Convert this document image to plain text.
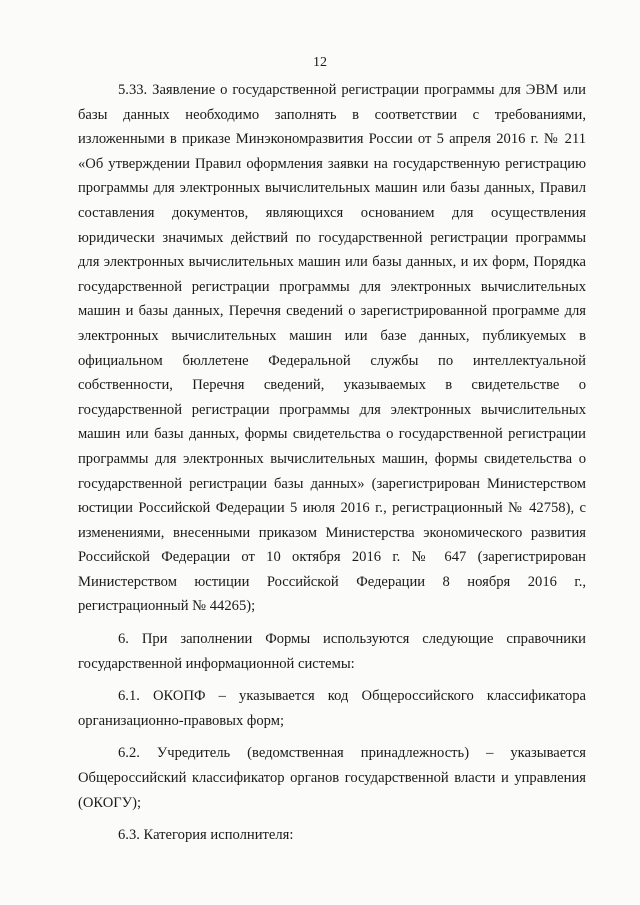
12

5.33. Заявление о государственной регистрации программы для ЭВМ или базы данных необходимо заполнять в соответствии с требованиями, изложенными в приказе Минэкономразвития России от 5 апреля 2016 г. № 211 «Об утверждении Правил оформления заявки на государственную регистрацию программы для электронных вычислительных машин или базы данных, Правил составления документов, являющихся основанием для осуществления юридически значимых действий по государственной регистрации программы для электронных вычислительных машин или базы данных, и их форм, Порядка государственной регистрации программы для электронных вычислительных машин и базы данных, Перечня сведений о зарегистрированной программе для электронных вычислительных машин или базе данных, публикуемых в официальном бюллетене Федеральной службы по интеллектуальной собственности, Перечня сведений, указываемых в свидетельстве о государственной регистрации программы для электронных вычислительных машин или базы данных, формы свидетельства о государственной регистрации программы для электронных вычислительных машин, формы свидетельства о государственной регистрации базы данных» (зарегистрирован Министерством юстиции Российской Федерации 5 июля 2016 г., регистрационный № 42758), с изменениями, внесенными приказом Министерства экономического развития Российской Федерации от 10 октября 2016 г. № 647 (зарегистрирован Министерством юстиции Российской Федерации 8 ноября 2016 г., регистрационный № 44265);

6. При заполнении Формы используются следующие справочники государственной информационной системы:

6.1. ОКОПФ – указывается код Общероссийского классификатора организационно-правовых форм;

6.2. Учредитель (ведомственная принадлежность) – указывается Общероссийский классификатор органов государственной власти и управления (ОКОГУ);

6.3. Категория исполнителя:
